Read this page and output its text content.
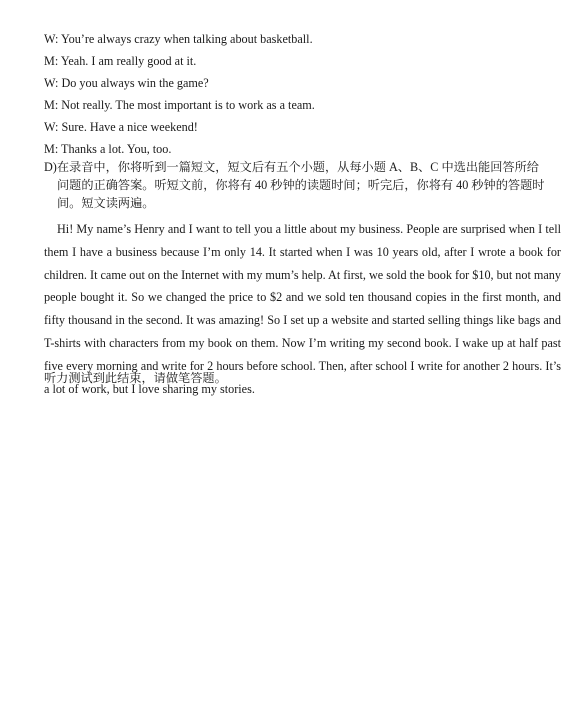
W: You’re always crazy when talking about basketball.
M: Yeah. I am really good at it.
W: Do you always win the game?
M: Not really. The most important is to work as a team.
W: Sure. Have a nice weekend!
M: Thanks a lot. You, too.
D)在录音中，你将听到一篇短文，短文后有五个小题，从每小题 A、B、C 中选出能回答所给
问题的正确答案。听短文前，你将有 40 秒钟的读题时间；听完后，你将有 40 秒钟的答题时
间。短文读两遍。
Hi! My name’s Henry and I want to tell you a little about my business. People are surprised when I tell them I have a business because I’m only 14. It started when I was 10 years old, after I wrote a book for children. It came out on the Internet with my mum’s help. At first, we sold the book for $10, but not many people bought it. So we changed the price to $2 and we sold ten thousand copies in the first month, and fifty thousand in the second. It was amazing! So I set up a website and started selling things like bags and T-shirts with characters from my book on them. Now I’m writing my second book. I wake up at half past five every morning and write for 2 hours before school. Then, after school I write for another 2 hours. It’s a lot of work, but I love sharing my stories.
听力测试到此结束，请做笔答题。
